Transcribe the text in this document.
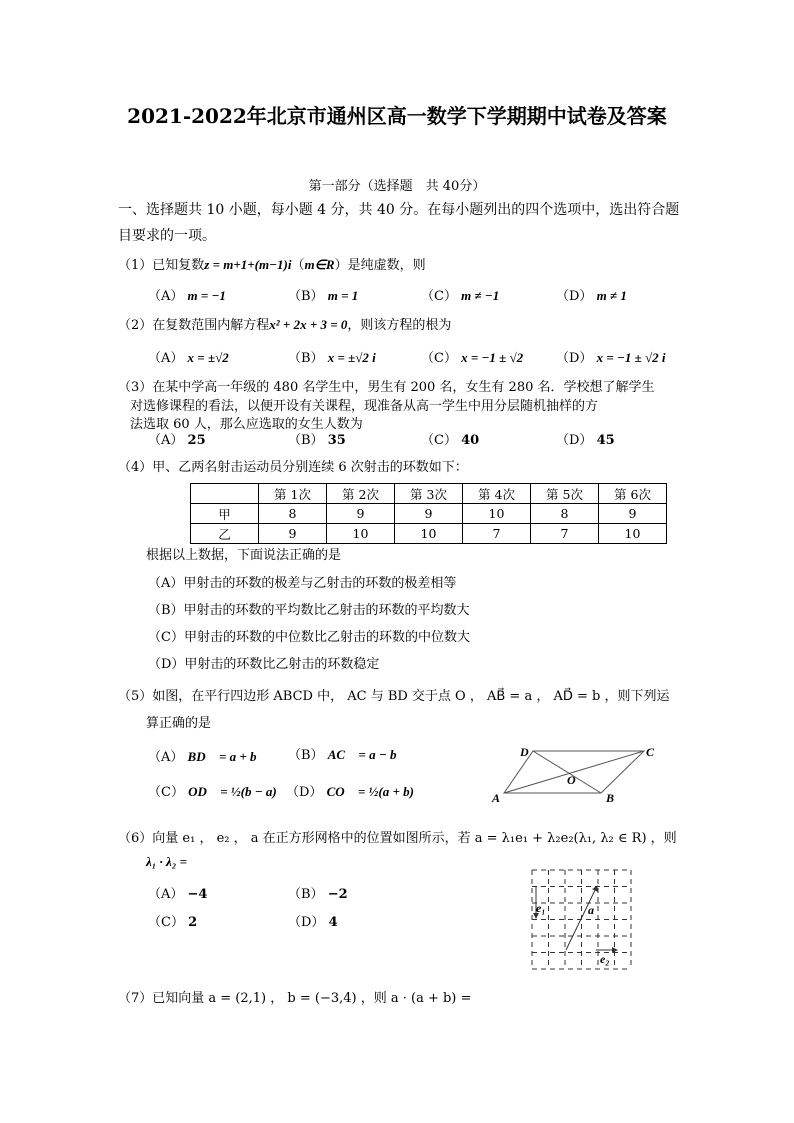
2021-2022年北京市通州区高一数学下学期期中试卷及答案
第一部分（选择题　共 40分）
一、选择题共 10 小题，每小题 4 分，共 40 分。在每小题列出的四个选项中，选出符合题
目要求的一项。
（1）已知复数z = m+1+(m−1)i（m∈R）是纯虚数，则
（A） m = −1	（B） m = 1	（C） m ≠ −1	（D） m ≠ 1
（2）在复数范围内解方程x² + 2x + 3 = 0，则该方程的根为
（A） x = ±√2	（B） x = ±√2 i	（C） x = −1 ± √2	（D） x = −1 ± √2 i
（3）在某中学高一年级的 480 名学生中，男生有 200 名，女生有 280 名．学校想了解学生
对选修课程的看法，以便开设有关课程，现准备从高一学生中用分层随机抽样的方
法选取 60 人，那么应选取的女生人数为
（A） 25	（B） 35	（C） 40	（D） 45
（4）甲、乙两名射击运动员分别连续 6 次射击的环数如下：
	第 1次	第 2次	第 3次	第 4次	第 5次	第 6次
甲	8	9	9	10	8	9
乙	9	10	10	7	7	10
根据以上数据，下面说法正确的是
（A）甲射击的环数的极差与乙射击的环数的极差相等
（B）甲射击的环数的平均数比乙射击的环数的平均数大
（C）甲射击的环数的中位数比乙射击的环数的中位数大
（D）甲射击的环数比乙射击的环数稳定
（5）如图，在平行四边形 ABCD 中， AC 与 BD 交于点 O ， AB⃗ = a ， AD⃗ = b ，则下列运
算正确的是
（A） BD⃗ = a + b （B） AC⃗ = a − b
（C） OD⃗ = ½(b − a) （D） CO⃗ = ½(a + b)	A	B
C
D
O
（6）向量 e₁ ， e₂ ， a 在正方形网格中的位置如图所示，若 a = λ₁e₁ + λ₂e₂(λ₁, λ₂ ∈ R) ，则
λ₁ · λ₂ =
（A） −4	（B） −2
（C） 2	（D） 4
e₁	a
e₂
（7）已知向量 a = (2,1) ， b = (−3,4) ，则 a · (a + b) =
